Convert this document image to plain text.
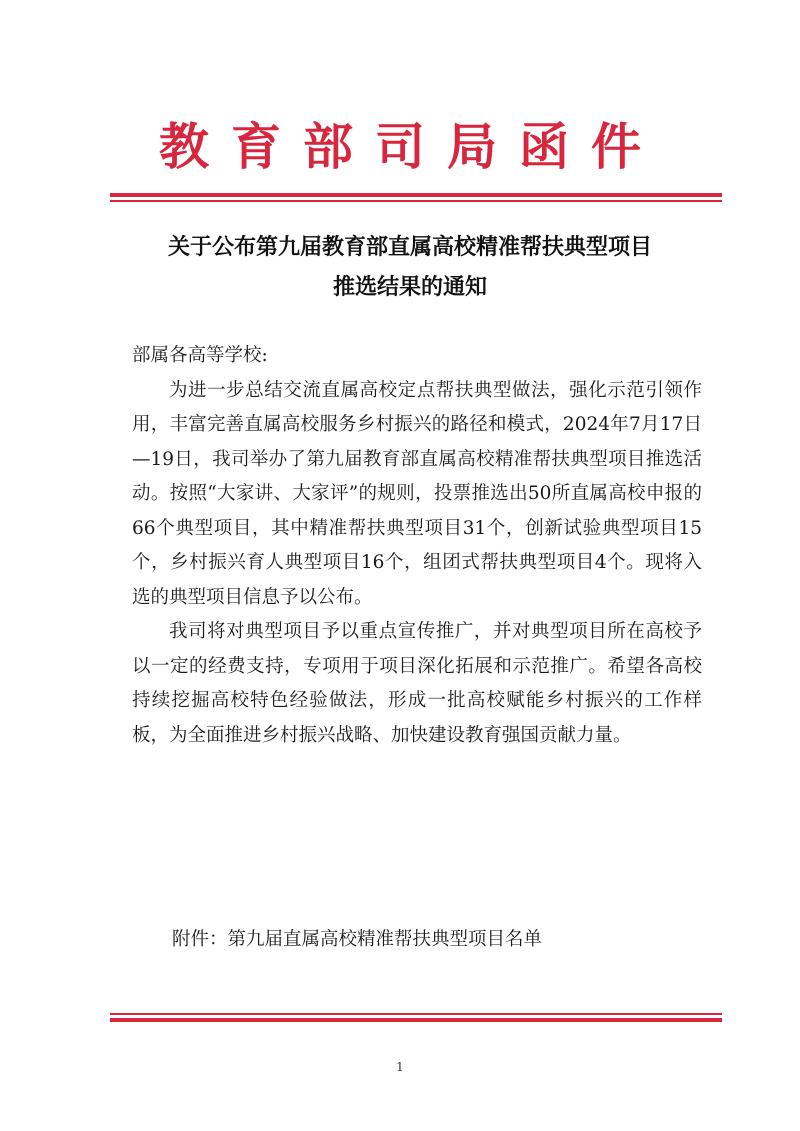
教育部司局函件
关于公布第九届教育部直属高校精准帮扶典型项目
推选结果的通知

部属各高等学校:

为进一步总结交流直属高校定点帮扶典型做法，强化示范引领作用，丰富完善直属高校服务乡村振兴的路径和模式，2024年7月17日—19日，我司举办了第九届教育部直属高校精准帮扶典型项目推选活动。按照“大家讲、大家评”的规则，投票推选出50所直属高校申报的66个典型项目，其中精准帮扶典型项目31个，创新试验典型项目15个，乡村振兴育人典型项目16个，组团式帮扶典型项目4个。现将入选的典型项目信息予以公布。

我司将对典型项目予以重点宣传推广，并对典型项目所在高校予以一定的经费支持，专项用于项目深化拓展和示范推广。希望各高校持续挖掘高校特色经验做法，形成一批高校赋能乡村振兴的工作样板，为全面推进乡村振兴战略、加快建设教育强国贡献力量。

附件：第九届直属高校精准帮扶典型项目名单
1
